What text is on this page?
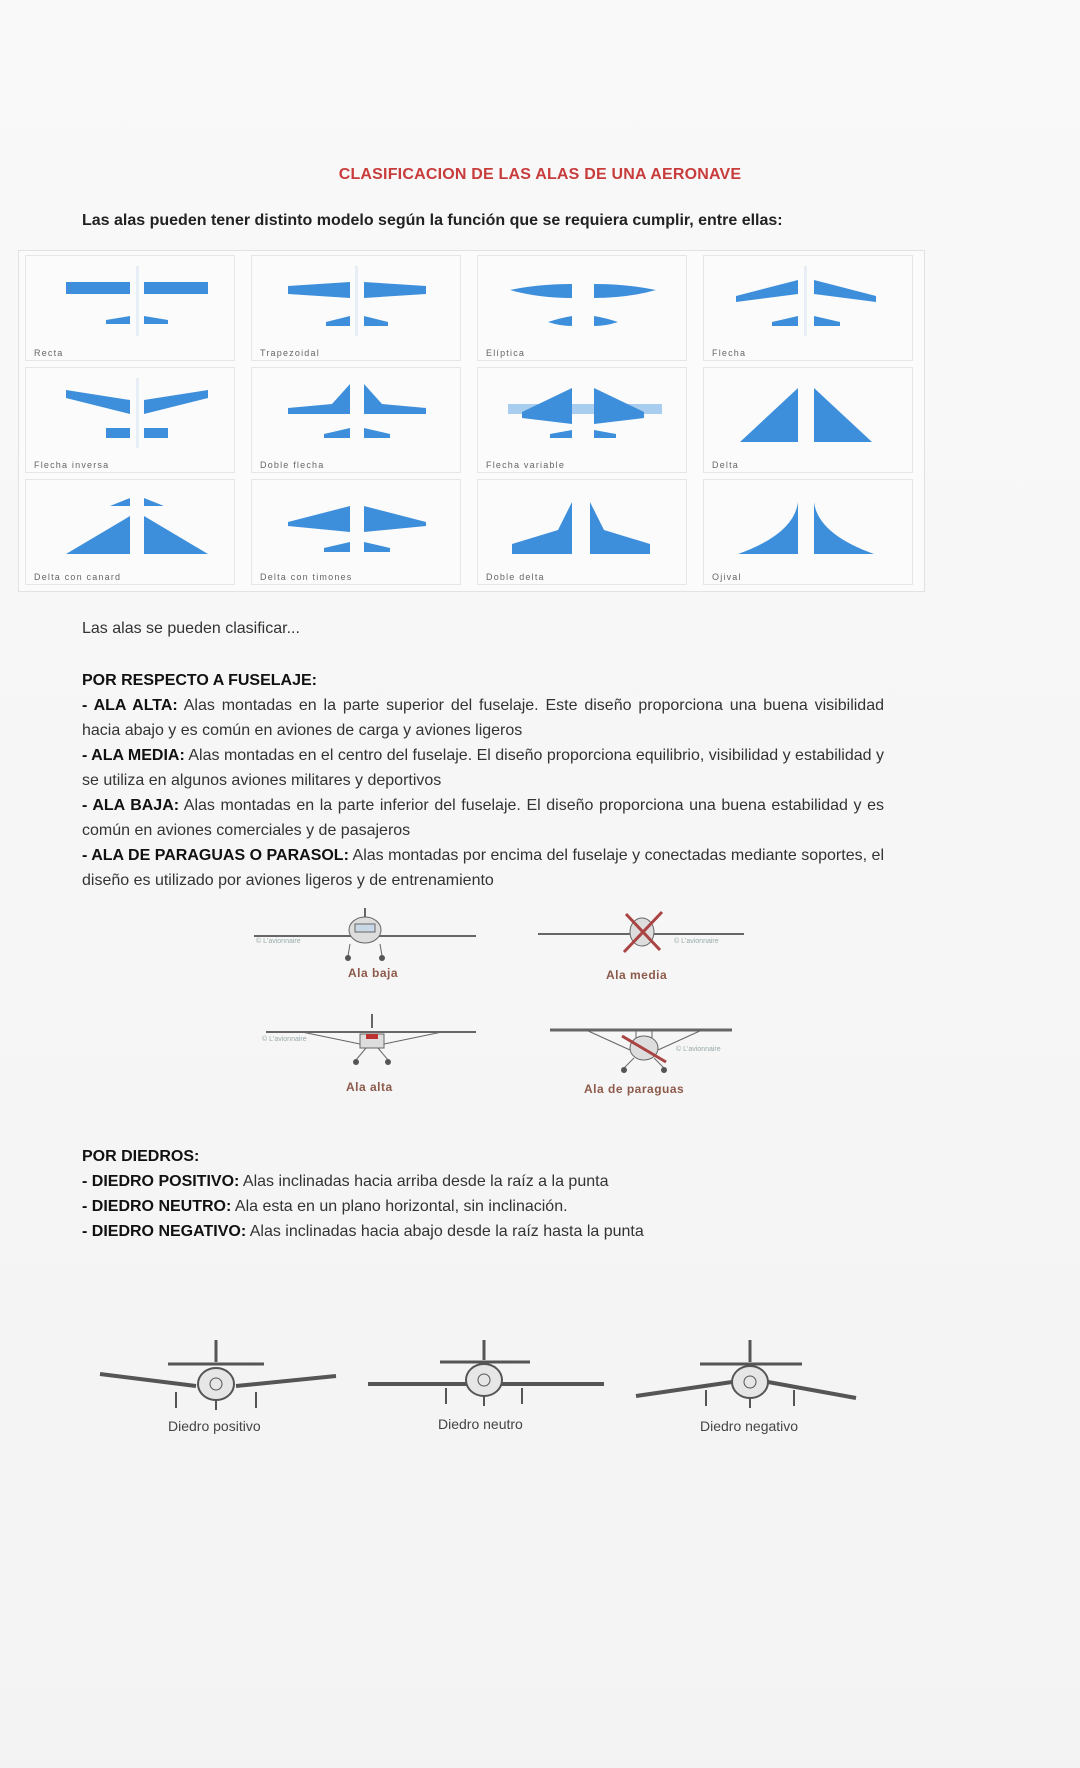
CLASIFICACION DE LAS ALAS DE UNA AERONAVE
Las alas pueden tener distinto modelo según la función que se requiera cumplir, entre ellas:
Recta	Trapezoidal	Elíptica	Flecha
Flecha inversa	Doble flecha	Flecha variable	Delta
Delta con canard	Delta con timones	Doble delta	Ojival
Las alas se pueden clasificar...
POR RESPECTO A FUSELAJE:
- ALA ALTA: Alas montadas en la parte superior del fuselaje. Este diseño proporciona una buena visibilidad hacia abajo y es común en aviones de carga y aviones ligeros
- ALA MEDIA: Alas montadas en el centro del fuselaje. El diseño proporciona equilibrio, visibilidad y estabilidad y se utiliza en algunos aviones militares y deportivos
- ALA BAJA: Alas montadas en la parte inferior del fuselaje. El diseño proporciona una buena estabilidad y es común en aviones comerciales y de pasajeros
- ALA DE PARAGUAS O PARASOL: Alas montadas por encima del fuselaje y conectadas mediante soportes, el diseño es utilizado por aviones ligeros y de entrenamiento
© L'avionnaire
Ala baja
© L'avionnaire
Ala media
© L'avionnaire
Ala alta
© L'avionnaire
Ala de paraguas
POR DIEDROS:
- DIEDRO POSITIVO: Alas inclinadas hacia arriba desde la raíz a la punta
- DIEDRO NEUTRO: Ala esta en un plano horizontal, sin inclinación.
- DIEDRO NEGATIVO: Alas inclinadas hacia abajo desde la raíz hasta la punta
Diedro positivo	Diedro neutro	Diedro negativo
